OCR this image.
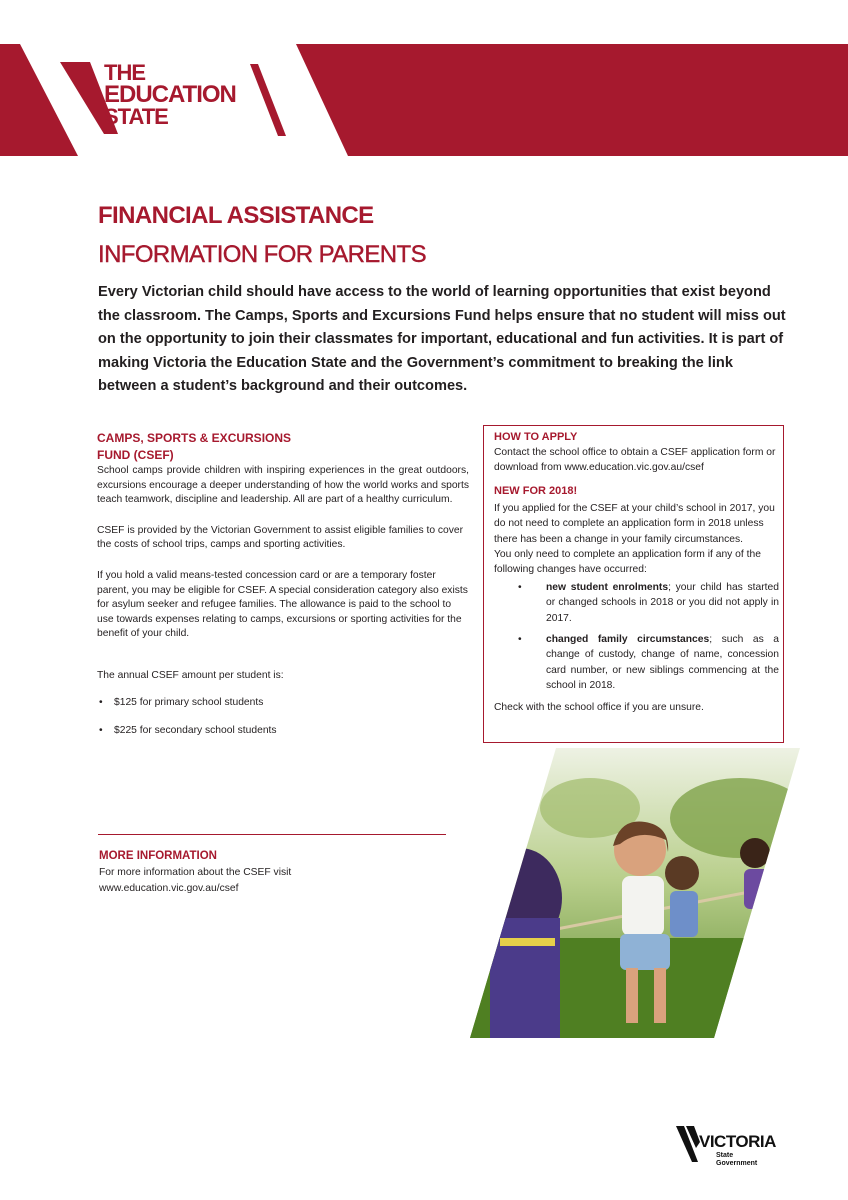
THE
EDUCATION
STATE
FINANCIAL ASSISTANCE
INFORMATION FOR PARENTS

Every Victorian child should have access to the world of learning opportunities that exist beyond the classroom. The Camps, Sports and Excursions Fund helps ensure that no student will miss out on the opportunity to join their classmates for important, educational and fun activities. It is part of making Victoria the Education State and the Government’s commitment to breaking the link between a student’s background and their outcomes.

CAMPS, SPORTS & EXCURSIONS
FUND (CSEF)

School camps provide children with inspiring experiences in the great outdoors, excursions encourage a deeper understanding of how the world works and sports teach teamwork, discipline and leadership. All are part of a healthy curriculum.

CSEF is provided by the Victorian Government to assist eligible families to cover the costs of school trips, camps and sporting activities.

If you hold a valid means-tested concession card or are a temporary foster parent, you may be eligible for CSEF. A special consideration category also exists for asylum seeker and refugee families. The allowance is paid to the school to use towards expenses relating to camps, excursions or sporting activities for the benefit of your child.

The annual CSEF amount per student is:

• $125 for primary school students
• $225 for secondary school students
HOW TO APPLY

Contact the school office to obtain a CSEF application form or download from www.education.vic.gov.au/csef

NEW FOR 2018!

If you applied for the CSEF at your child’s school in 2017, you do not need to complete an application form in 2018 unless there has been a change in your family circumstances.

You only need to complete an application form if any of the following changes have occurred:

• new student enrolments; your child has started or changed schools in 2018 or you did not apply in 2017.
• changed family circumstances; such as a change of custody, change of name, concession card number, or new siblings commencing at the school in 2018.

Check with the school office if you are unsure.

MORE INFORMATION

For more information about the CSEF visit

www.education.vic.gov.au/csef

VICTORIA
State
Government
